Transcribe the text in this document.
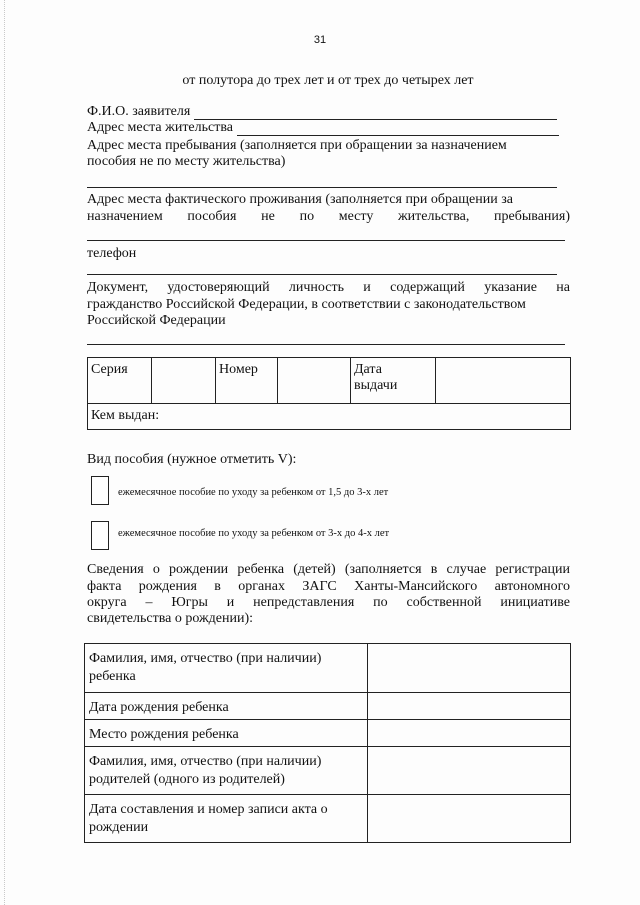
31
от полутора до трех лет и от трех до четырех лет
Ф.И.О. заявителя
Адрес места жительства
Адрес места пребывания (заполняется при обращении за назначением
пособия не по месту жительства)
Адрес места фактического проживания (заполняется при обращении за
назначением пособия не по месту жительства, пребывания)
телефон
Документ, удостоверяющий личность и содержащий указание на
гражданство Российской Федерации, в соответствии с законодательством
Российской Федерации
Серия		Номер		Дата
выдачи

Кем выдан:
Вид пособия (нужное отметить V):
ежемесячное пособие по уходу за ребенком от 1,5 до 3-х лет
ежемесячное пособие по уходу за ребенком от 3-х до 4-х лет
Сведения о рождении ребенка (детей) (заполняется в случае регистрации
факта рождения в органах ЗАГС Ханты-Мансийского автономного
округа – Югры и непредставления по собственной инициативе
свидетельства о рождении):
Фамилия, имя, отчество (при наличии)
ребенка	

Дата рождения ребенка	

Место рождения ребенка	

Фамилия, имя, отчество (при наличии)
родителей (одного из родителей)	

Дата составления и номер записи акта о
рождении	
